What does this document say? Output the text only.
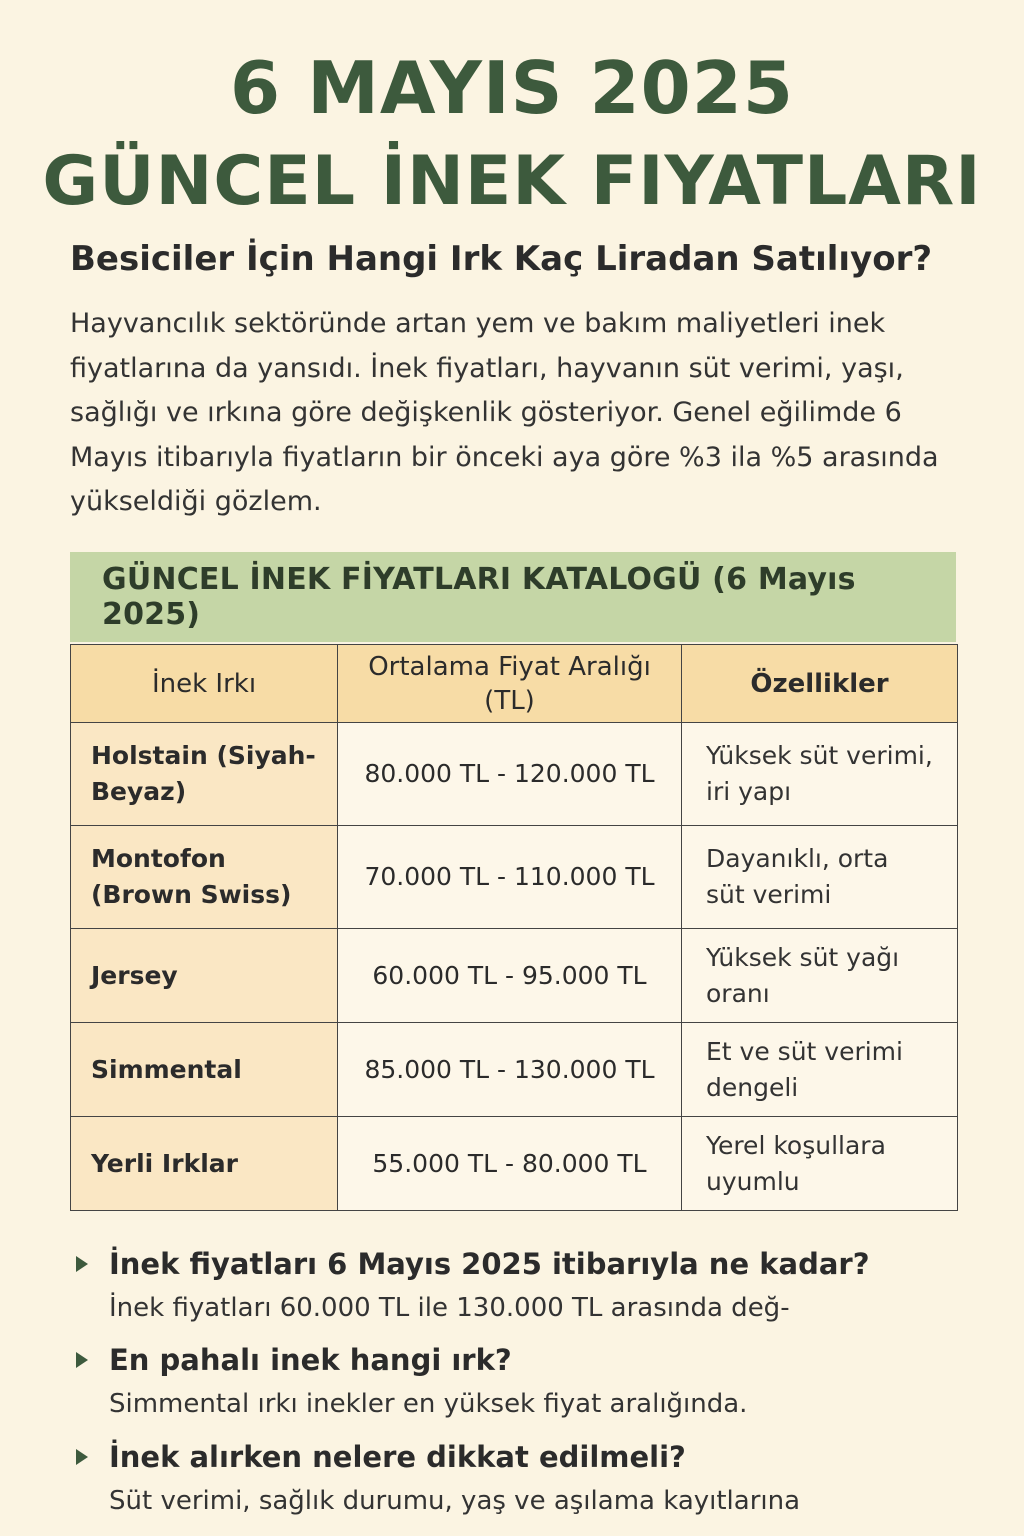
6 MAYIS 2025
GÜNCEL İNEK FIYATLARI
Besiciler İçin Hangi Irk Kaç Liradan Satılıyor?
Hayvancılık sektöründe artan yem ve bakım maliyetleri inek fiyatlarına da yansıdı. İnek fiyatları, hayvanın süt verimi, yaşı, sağlığı ve ırkına göre değişkenlik gösteriyor. Genel eğilimde 6 Mayıs itibarıyla fiyatların bir önceki aya göre %3 ila %5 arasında yükseldiği gözlem.
GÜNCEL İNEK FİYATLARI KATALOGÜ (6 Mayıs 2025)
İnek Irkı	Ortalama Fiyat Aralığı (TL)	Özellikler
Holstain (Siyah-Beyaz)	80.000 TL - 120.000 TL	Yüksek süt verimi, iri yapı
Montofon (Brown Swiss)	70.000 TL - 110.000 TL	Dayanıklı, orta süt verimi
Jersey	60.000 TL - 95.000 TL	Yüksek süt yağı oranı
Simmental	85.000 TL - 130.000 TL	Et ve süt verimi dengeli
Yerli Irklar	55.000 TL - 80.000 TL	Yerel koşullara uyumlu
İnek fiyatları 6 Mayıs 2025 itibarıyla ne kadar?
İnek fiyatları 60.000 TL ile 130.000 TL arasında değ-
En pahalı inek hangi ırk?
Simmental ırkı inekler en yüksek fiyat aralığında.
İnek alırken nelere dikkat edilmeli?
Süt verimi, sağlık durumu, yaş ve aşılama kayıtlarına
